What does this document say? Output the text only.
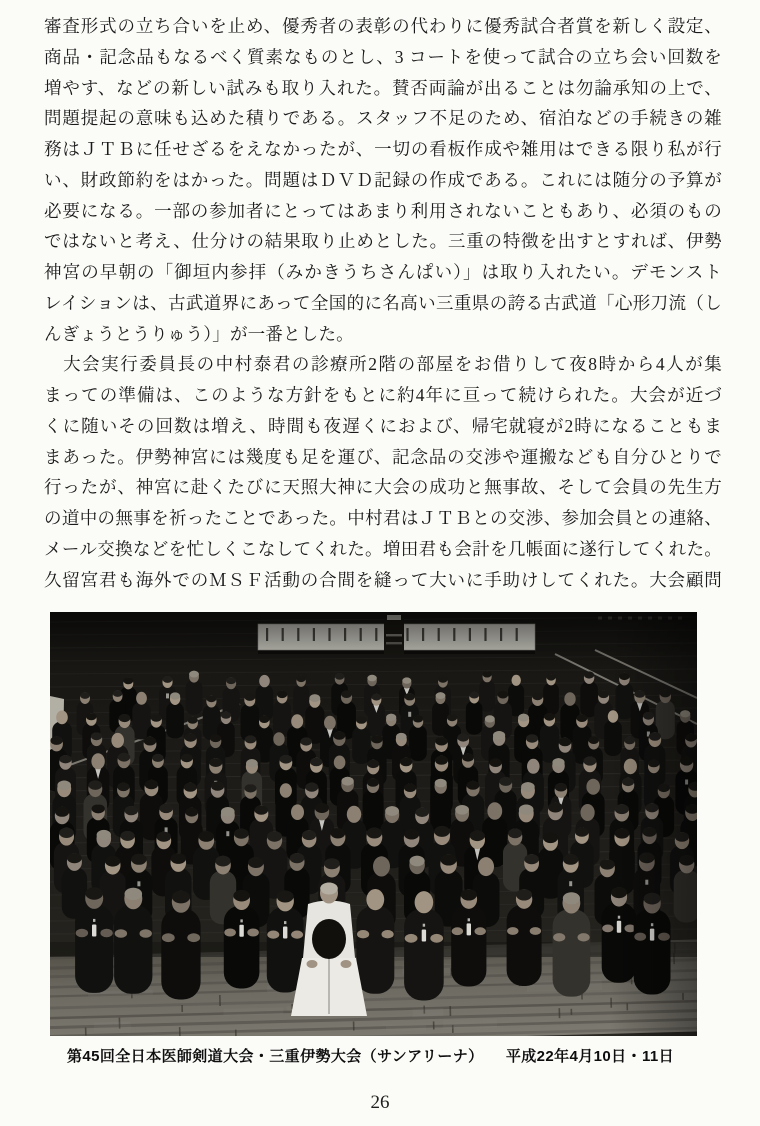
審査形式の立ち合いを止め、優秀者の表彰の代わりに優秀試合者賞を新しく設定、
商品・記念品もなるべく質素なものとし、3 コートを使って試合の立ち会い回数を
増やす、などの新しい試みも取り入れた。賛否両論が出ることは勿論承知の上で、
問題提起の意味も込めた積りである。スタッフ不足のため、宿泊などの手続きの雑
務はＪＴＢに任せざるをえなかったが、一切の看板作成や雑用はできる限り私が行
い、財政節約をはかった。問題はＤＶＤ記録の作成である。これには随分の予算が
必要になる。一部の参加者にとってはあまり利用されないこともあり、必須のもの
ではないと考え、仕分けの結果取り止めとした。三重の特徴を出すとすれば、伊勢
神宮の早朝の「御垣内参拝（みかきうちさんぱい）」は取り入れたい。デモンスト
レイションは、古武道界にあって全国的に名高い三重県の誇る古武道「心形刀流（し
んぎょうとうりゅう）」が一番とした。
　大会実行委員長の中村泰君の診療所2階の部屋をお借りして夜8時から4人が集
まっての準備は、このような方針をもとに約4年に亘って続けられた。大会が近づ
くに随いその回数は増え、時間も夜遅くにおよび、帰宅就寝が2時になることもま
まあった。伊勢神宮には幾度も足を運び、記念品の交渉や運搬なども自分ひとりで
行ったが、神宮に赴くたびに天照大神に大会の成功と無事故、そして会員の先生方
の道中の無事を祈ったことであった。中村君はＪＴＢとの交渉、参加会員との連絡、
メール交換などを忙しくこなしてくれた。増田君も会計を几帳面に遂行してくれた。
久留宮君も海外でのＭＳＦ活動の合間を縫って大いに手助けしてくれた。大会顧問
第45回全日本医師剣道大会・三重伊勢大会（サンアリーナ） 平成22年4月10日・11日
26
